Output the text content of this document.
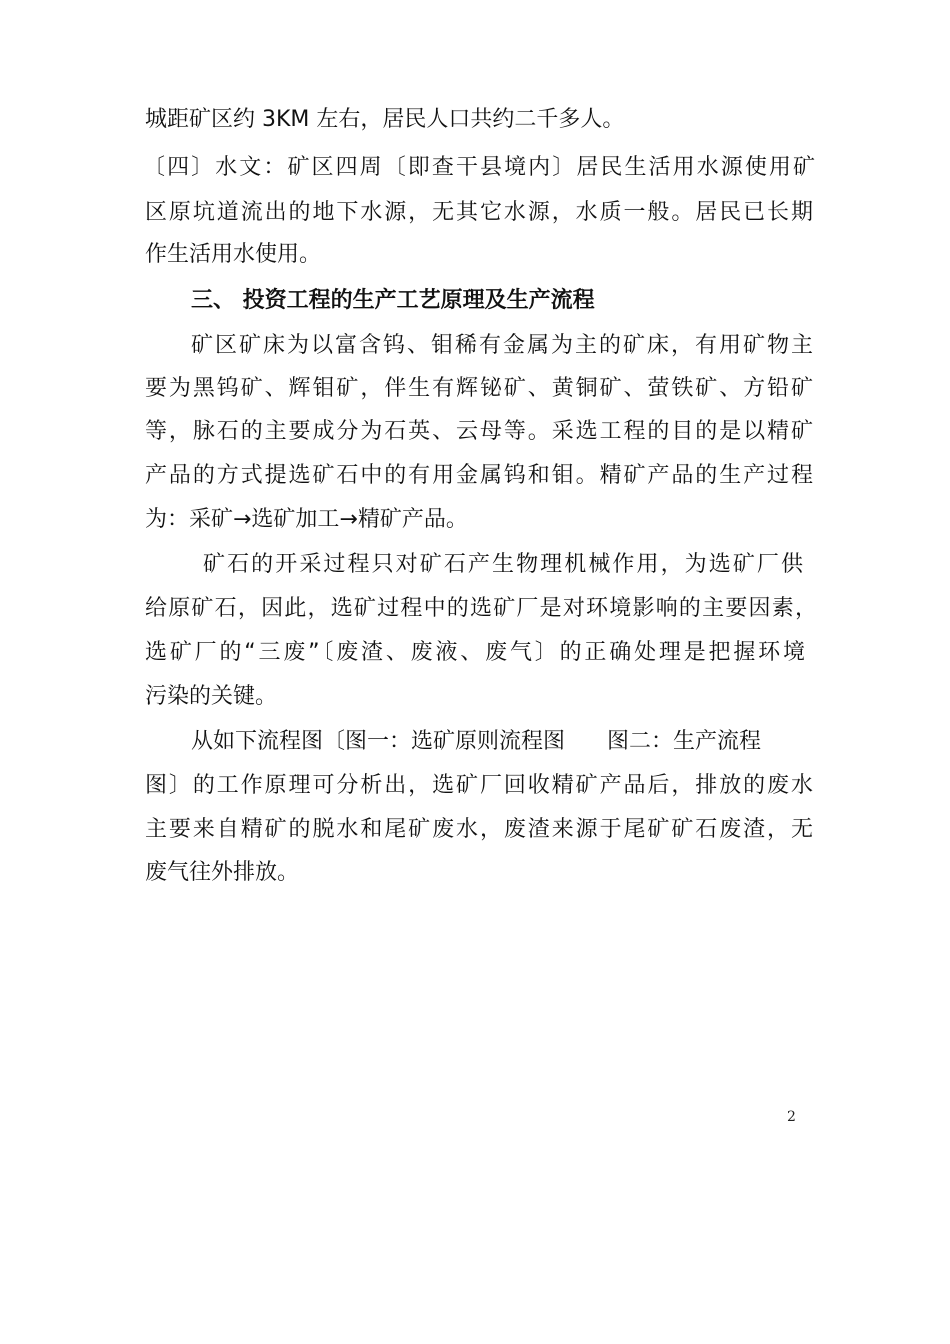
城距矿区约 3KM 左右，居民人口共约二千多人。
〔四〕水文：矿区四周〔即查干县境内〕居民生活用水源使用矿
区原坑道流出的地下水源，无其它水源，水质一般。居民已长期
作生活用水使用。
三、 投资工程的生产工艺原理及生产流程
矿区矿床为以富含钨、钼稀有金属为主的矿床，有用矿物主
要为黑钨矿、辉钼矿，伴生有辉铋矿、黄铜矿、萤铁矿、方铅矿
等，脉石的主要成分为石英、云母等。采选工程的目的是以精矿
产品的方式提选矿石中的有用金属钨和钼。精矿产品的生产过程
为：采矿→选矿加工→精矿产品。
矿石的开采过程只对矿石产生物理机械作用，为选矿厂供
给原矿石，因此，选矿过程中的选矿厂是对环境影响的主要因素，
选矿厂的“三废”〔废渣、废液、废气〕的正确处理是把握环境
污染的关键。
从如下流程图〔图一：选矿原则流程图      图二：生产流程
图〕的工作原理可分析出，选矿厂回收精矿产品后，排放的废水
主要来自精矿的脱水和尾矿废水，废渣来源于尾矿矿石废渣，无
废气往外排放。
2
